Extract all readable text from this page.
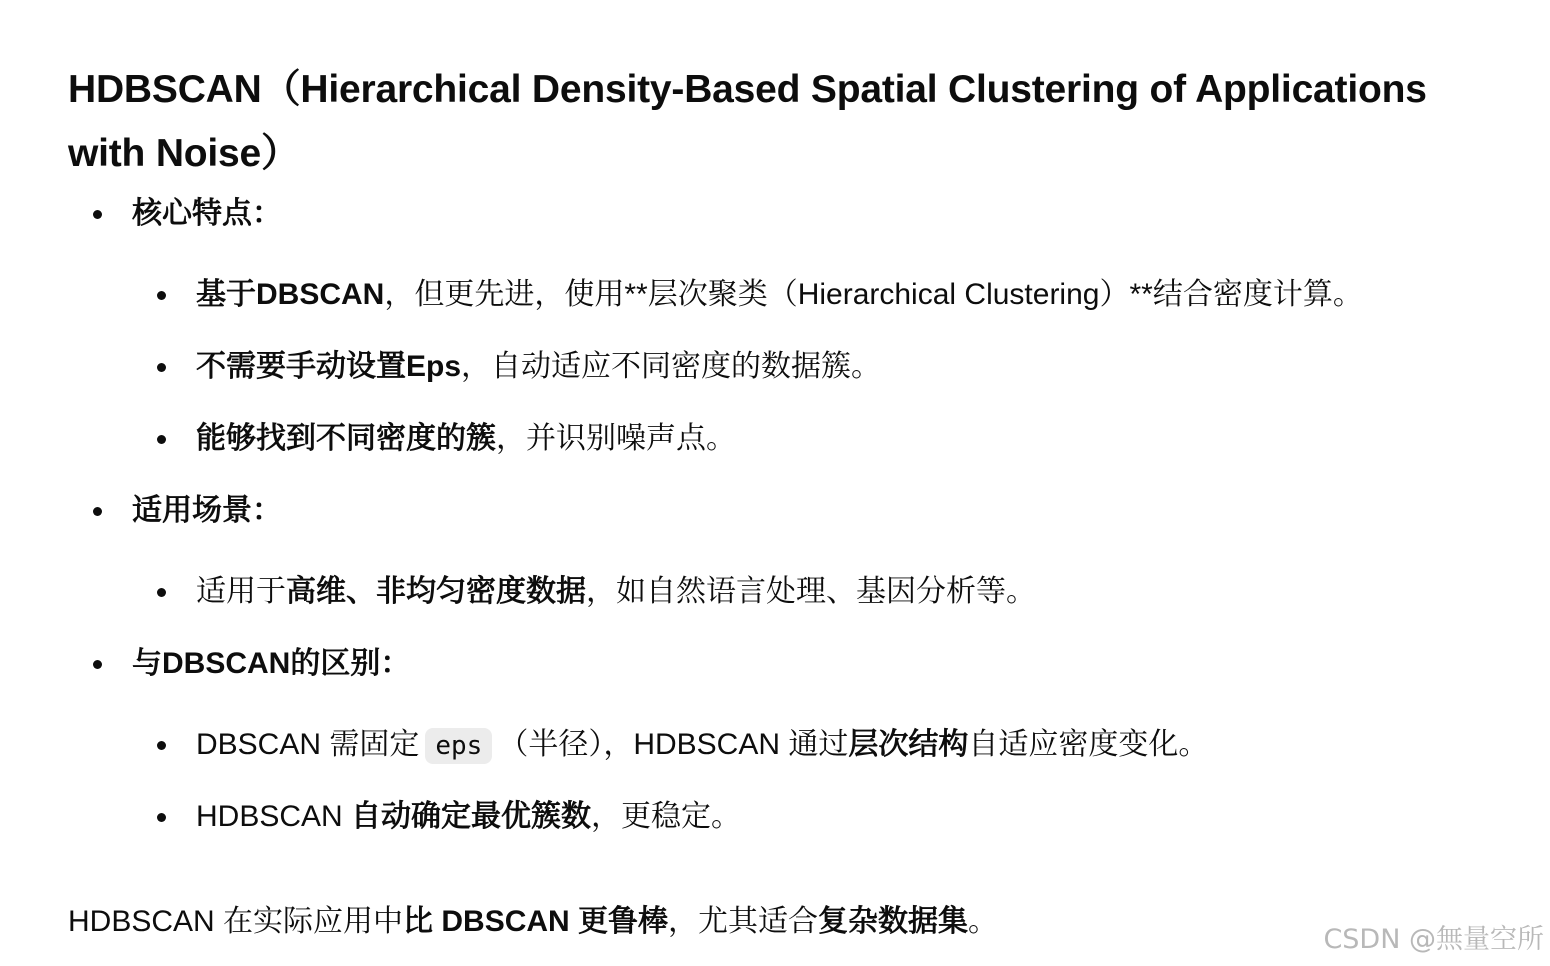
HDBSCAN（Hierarchical Density-Based Spatial Clustering of Applications with Noise）
核心特点：
基于DBSCAN，但更先进，使用**层次聚类（Hierarchical Clustering）**结合密度计算。
不需要手动设置Eps，自动适应不同密度的数据簇。
能够找到不同密度的簇，并识别噪声点。
适用场景：
适用于高维、非均匀密度数据，如自然语言处理、基因分析等。
与DBSCAN的区别：
DBSCAN 需固定 eps （半径），HDBSCAN 通过层次结构自适应密度变化。
HDBSCAN 自动确定最优簇数，更稳定。

HDBSCAN 在实际应用中比 DBSCAN 更鲁棒，尤其适合复杂数据集。

CSDN @無量空所
